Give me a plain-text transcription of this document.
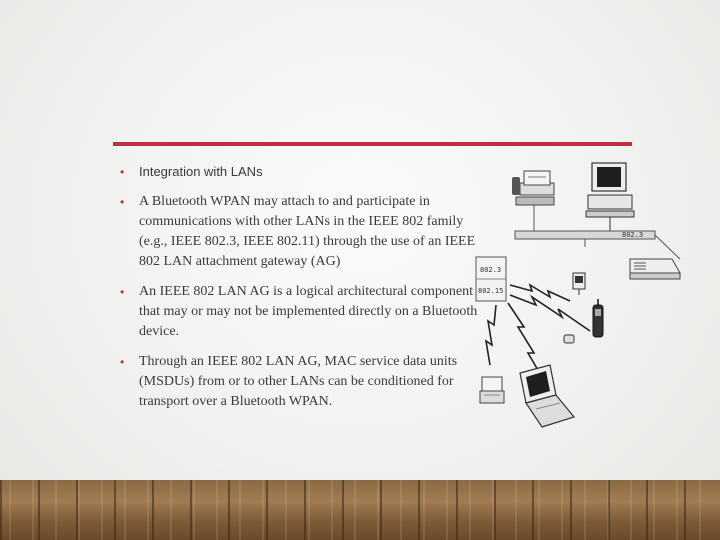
• Integration with LANs
• A Bluetooth WPAN may attach to and participate in communications with other LANs in the IEEE 802 family (e.g., IEEE 802.3, IEEE 802.11) through the use of an IEEE 802 LAN attachment gateway (AG)
• An IEEE 802 LAN AG is a logical architectural component that may or may not be implemented directly on a Bluetooth device.
• Through an IEEE 802 LAN AG, MAC service data units (MSDUs) from or to other LANs can be conditioned for transport over a Bluetooth WPAN.
802.3
802.3
802.15
